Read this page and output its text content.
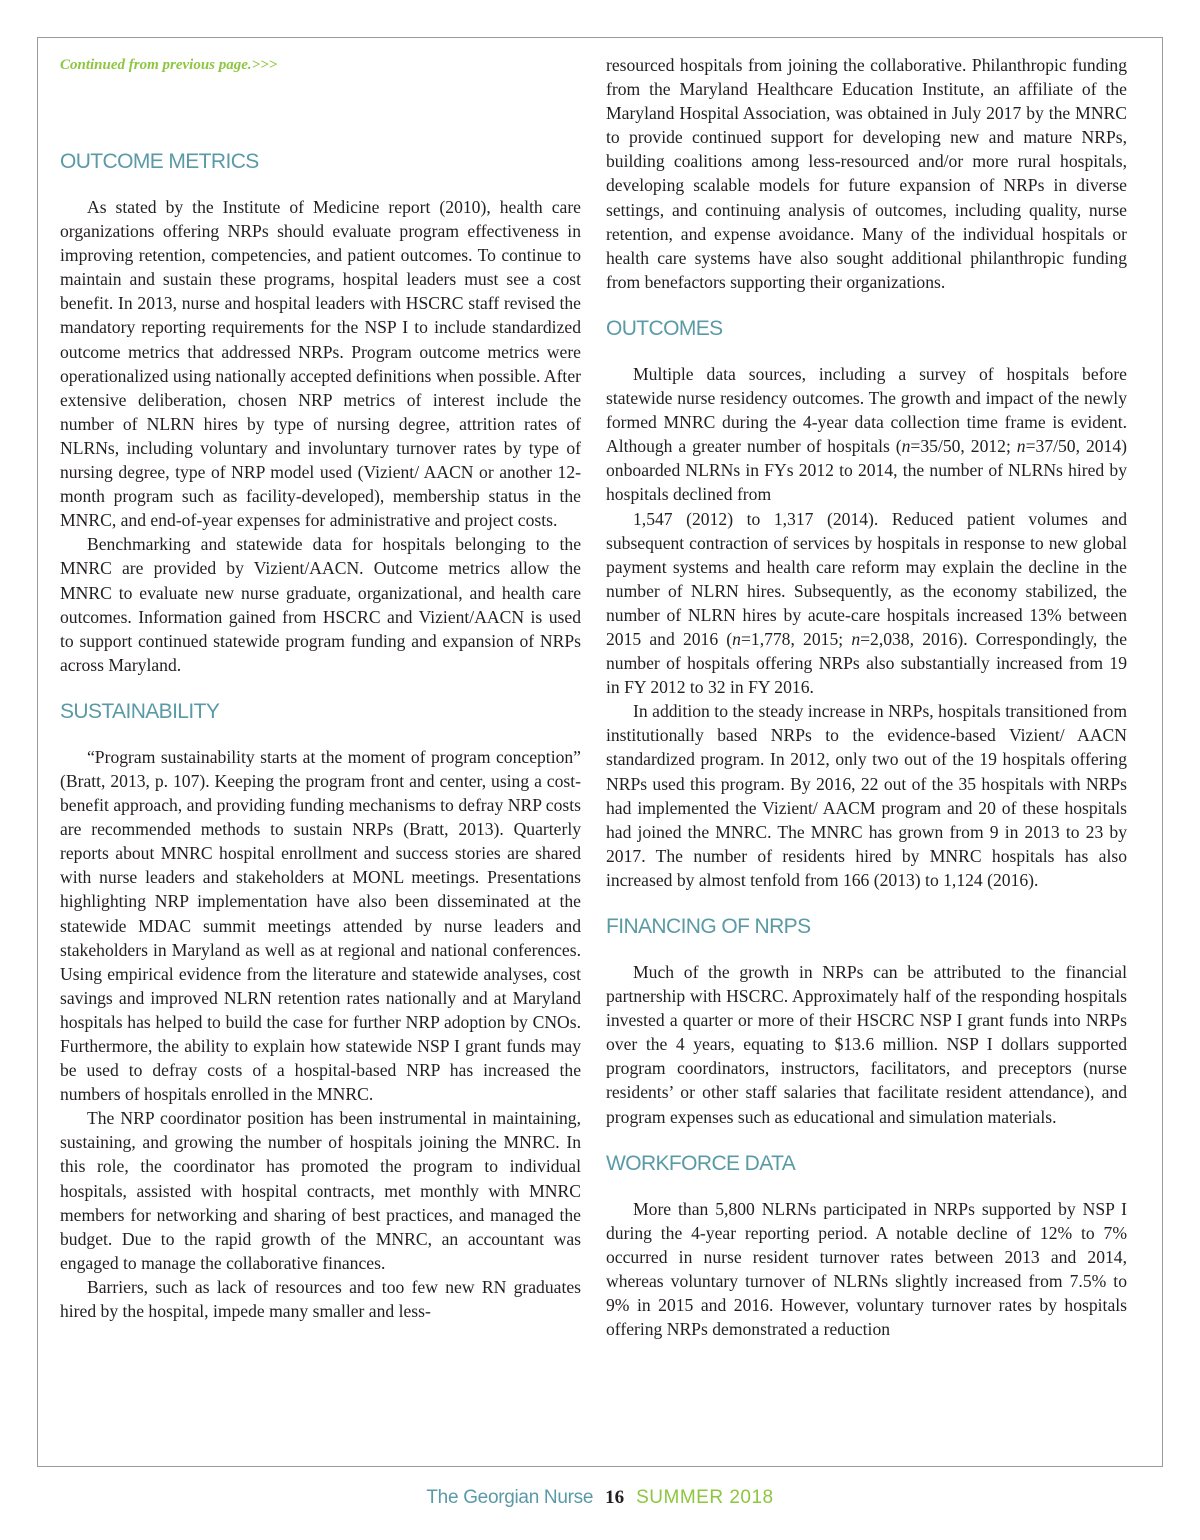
Continued from previous page.>>>
OUTCOME METRICS

As stated by the Institute of Medicine report (2010), health care organizations offering NRPs should evaluate program effectiveness in improving retention, competencies, and patient outcomes. To continue to maintain and sustain these programs, hospital leaders must see a cost benefit. In 2013, nurse and hospital leaders with HSCRC staff revised the mandatory reporting requirements for the NSP I to include standardized outcome metrics that addressed NRPs. Program outcome metrics were operationalized using nationally accepted definitions when possible. After extensive deliberation, chosen NRP metrics of interest include the number of NLRN hires by type of nursing degree, attrition rates of NLRNs, including voluntary and involuntary turnover rates by type of nursing degree, type of NRP model used (Vizient/ AACN or another 12-month program such as facility-developed), membership status in the MNRC, and end-of-year expenses for administrative and project costs.

Benchmarking and statewide data for hospitals belonging to the MNRC are provided by Vizient/AACN. Outcome metrics allow the MNRC to evaluate new nurse graduate, organizational, and health care outcomes. Information gained from HSCRC and Vizient/AACN is used to support continued statewide program funding and expansion of NRPs across Maryland.

SUSTAINABILITY

“Program sustainability starts at the moment of program conception” (Bratt, 2013, p. 107). Keeping the program front and center, using a cost-benefit approach, and providing funding mechanisms to defray NRP costs are recommended methods to sustain NRPs (Bratt, 2013). Quarterly reports about MNRC hospital enrollment and success stories are shared with nurse leaders and stakeholders at MONL meetings. Presentations highlighting NRP implementation have also been disseminated at the statewide MDAC summit meetings attended by nurse leaders and stakeholders in Maryland as well as at regional and national conferences. Using empirical evidence from the literature and statewide analyses, cost savings and improved NLRN retention rates nationally and at Maryland hospitals has helped to build the case for further NRP adoption by CNOs. Furthermore, the ability to explain how statewide NSP I grant funds may be used to defray costs of a hospital-based NRP has increased the numbers of hospitals enrolled in the MNRC.

The NRP coordinator position has been instrumental in maintaining, sustaining, and growing the number of hospitals joining the MNRC. In this role, the coordinator has promoted the program to individual hospitals, assisted with hospital contracts, met monthly with MNRC members for networking and sharing of best practices, and managed the budget. Due to the rapid growth of the MNRC, an accountant was engaged to manage the collaborative finances.

Barriers, such as lack of resources and too few new RN graduates hired by the hospital, impede many smaller and less-

resourced hospitals from joining the collaborative. Philanthropic funding from the Maryland Healthcare Education Institute, an affiliate of the Maryland Hospital Association, was obtained in July 2017 by the MNRC to provide continued support for developing new and mature NRPs, building coalitions among less-resourced and/or more rural hospitals, developing scalable models for future expansion of NRPs in diverse settings, and continuing analysis of outcomes, including quality, nurse retention, and expense avoidance. Many of the individual hospitals or health care systems have also sought additional philanthropic funding from benefactors supporting their organizations.

OUTCOMES

Multiple data sources, including a survey of hospitals before statewide nurse residency outcomes. The growth and impact of the newly formed MNRC during the 4-year data collection time frame is evident. Although a greater number of hospitals (n=35/50, 2012; n=37/50, 2014) onboarded NLRNs in FYs 2012 to 2014, the number of NLRNs hired by hospitals declined from

1,547 (2012) to 1,317 (2014). Reduced patient volumes and subsequent contraction of services by hospitals in response to new global payment systems and health care reform may explain the decline in the number of NLRN hires. Subsequently, as the economy stabilized, the number of NLRN hires by acute-care hospitals increased 13% between 2015 and 2016 (n=1,778, 2015; n=2,038, 2016). Correspondingly, the number of hospitals offering NRPs also substantially increased from 19 in FY 2012 to 32 in FY 2016.

In addition to the steady increase in NRPs, hospitals transitioned from institutionally based NRPs to the evidence-based Vizient/ AACN standardized program. In 2012, only two out of the 19 hospitals offering NRPs used this program. By 2016, 22 out of the 35 hospitals with NRPs had implemented the Vizient/ AACM program and 20 of these hospitals had joined the MNRC. The MNRC has grown from 9 in 2013 to 23 by 2017. The number of residents hired by MNRC hospitals has also increased by almost tenfold from 166 (2013) to 1,124 (2016).

FINANCING OF NRPS

Much of the growth in NRPs can be attributed to the financial partnership with HSCRC. Approximately half of the responding hospitals invested a quarter or more of their HSCRC NSP I grant funds into NRPs over the 4 years, equating to $13.6 million. NSP I dollars supported program coordinators, instructors, facilitators, and preceptors (nurse residents’ or other staff salaries that facilitate resident attendance), and program expenses such as educational and simulation materials.

WORKFORCE DATA

More than 5,800 NLRNs participated in NRPs supported by NSP I during the 4-year reporting period. A notable decline of 12% to 7% occurred in nurse resident turnover rates between 2013 and 2014, whereas voluntary turnover of NLRNs slightly increased from 7.5% to 9% in 2015 and 2016. However, voluntary turnover rates by hospitals offering NRPs demonstrated a reduction

The Georgian Nurse 16 SUMMER 2018
